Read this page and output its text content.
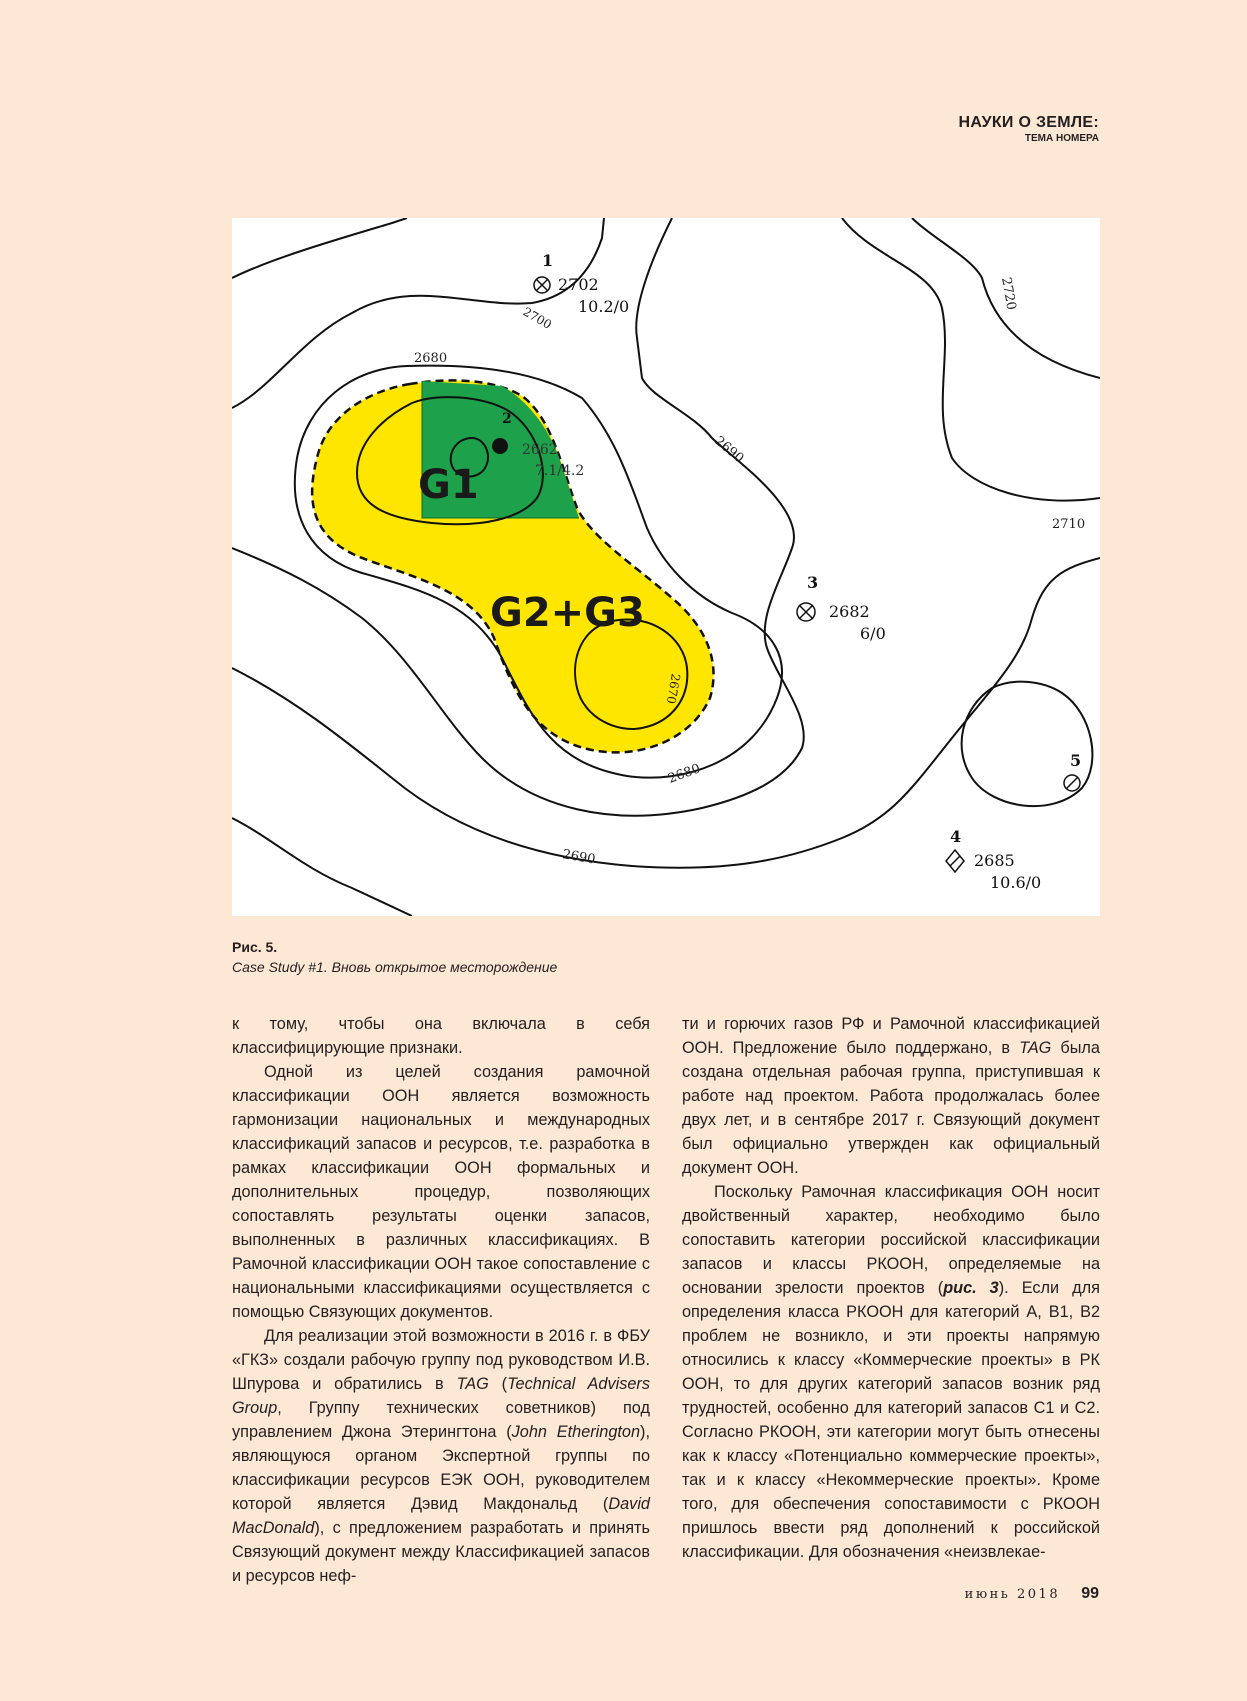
НАУКИ О ЗЕМЛЕ:
ТЕМА НОМЕРА
G1
G2+G3
2700
2680
2690
2710
2720
2670
2680
2690
1
2702
10.2/0
2
2662
7.1/4.2
3
2682
6/0
4
2685
10.6/0
5
Рис. 5.
Case Study #1. Вновь открытое месторождение

к тому, чтобы она включала в себя классифицирующие признаки.

Одной из целей создания рамочной классификации ООН является возможность гармонизации национальных и международных классификаций запасов и ресурсов, т.е. разработка в рамках классификации ООН формальных и дополнительных процедур, позволяющих сопоставлять результаты оценки запасов, выполненных в различных классификациях. В Рамочной классификации ООН такое сопоставление с национальными классификациями осуществляется с помощью Связующих документов.

Для реализации этой возможности в 2016 г. в ФБУ «ГКЗ» создали рабочую группу под руководством И.В. Шпурова и обратились в TAG (Technical Advisers Group, Группу технических советников) под управлением Джона Этерингтона (John Etherington), являющуюся органом Экспертной группы по классификации ресурсов ЕЭК ООН, руководителем которой является Дэвид Макдональд (David MacDonald), с предложением разработать и принять Связующий документ между Классификацией запасов и ресурсов неф-

ти и горючих газов РФ и Рамочной классификацией ООН. Предложение было поддержано, в TAG была создана отдельная рабочая группа, приступившая к работе над проектом. Работа продолжалась более двух лет, и в сентябре 2017 г. Связующий документ был официально утвержден как официальный документ ООН.

Поскольку Рамочная классификация ООН носит двойственный характер, необходимо было сопоставить категории российской классификации запасов и классы РКООН, определяемые на основании зрелости проектов (рис. 3). Если для определения класса РКООН для категорий А, В1, В2 проблем не возникло, и эти проекты напрямую относились к классу «Коммерческие проекты» в РК ООН, то для других категорий запасов возник ряд трудностей, особенно для категорий запасов С1 и С2. Согласно РКООН, эти категории могут быть отнесены как к классу «Потенциально коммерческие проекты», так и к классу «Некоммерческие проекты». Кроме того, для обеспечения сопоставимости с РКООН пришлось ввести ряд дополнений к российской классификации. Для обозначения «неизвлекае-

июнь 2018 99
